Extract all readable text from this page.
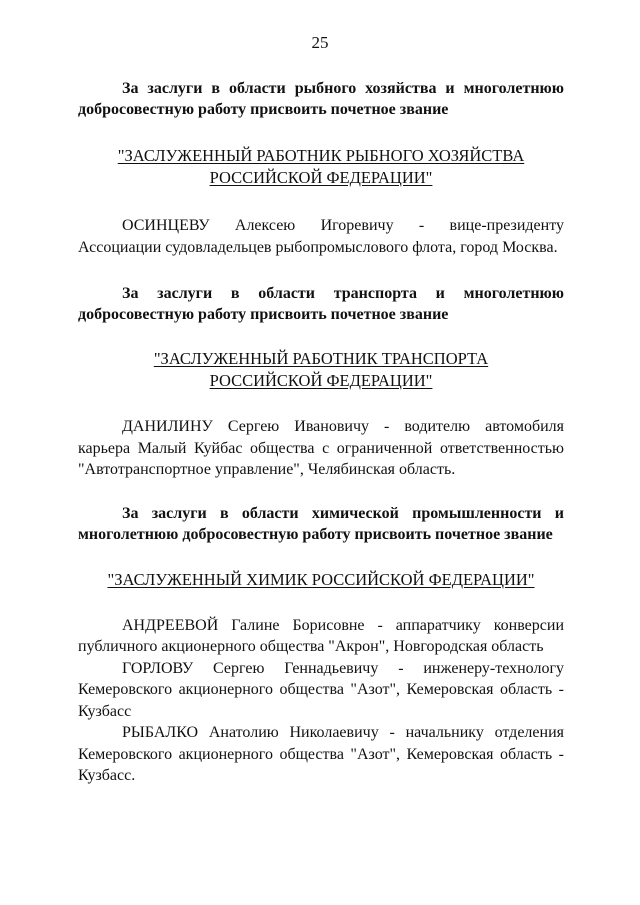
25

За заслуги в области рыбного хозяйства и многолетнюю добросовестную работу присвоить почетное звание

"ЗАСЛУЖЕННЫЙ РАБОТНИК РЫБНОГО ХОЗЯЙСТВА
РОССИЙСКОЙ ФЕДЕРАЦИИ"

ОСИНЦЕВУ Алексею Игоревичу - вице-президенту Ассоциации судовладельцев рыбопромыслового флота, город Москва.

За заслуги в области транспорта и многолетнюю добросовестную работу присвоить почетное звание

"ЗАСЛУЖЕННЫЙ РАБОТНИК ТРАНСПОРТА
РОССИЙСКОЙ ФЕДЕРАЦИИ"

ДАНИЛИНУ Сергею Ивановичу - водителю автомобиля карьера Малый Куйбас общества с ограниченной ответственностью "Автотранспортное управление", Челябинская область.

За заслуги в области химической промышленности и многолетнюю добросовестную работу присвоить почетное звание

"ЗАСЛУЖЕННЫЙ ХИМИК РОССИЙСКОЙ ФЕДЕРАЦИИ"

АНДРЕЕВОЙ Галине Борисовне - аппаратчику конверсии публичного акционерного общества "Акрон", Новгородская область

ГОРЛОВУ Сергею Геннадьевичу - инженеру-технологу Кемеровского акционерного общества "Азот", Кемеровская область - Кузбасс

РЫБАЛКО Анатолию Николаевичу - начальнику отделения Кемеровского акционерного общества "Азот", Кемеровская область - Кузбасс.
